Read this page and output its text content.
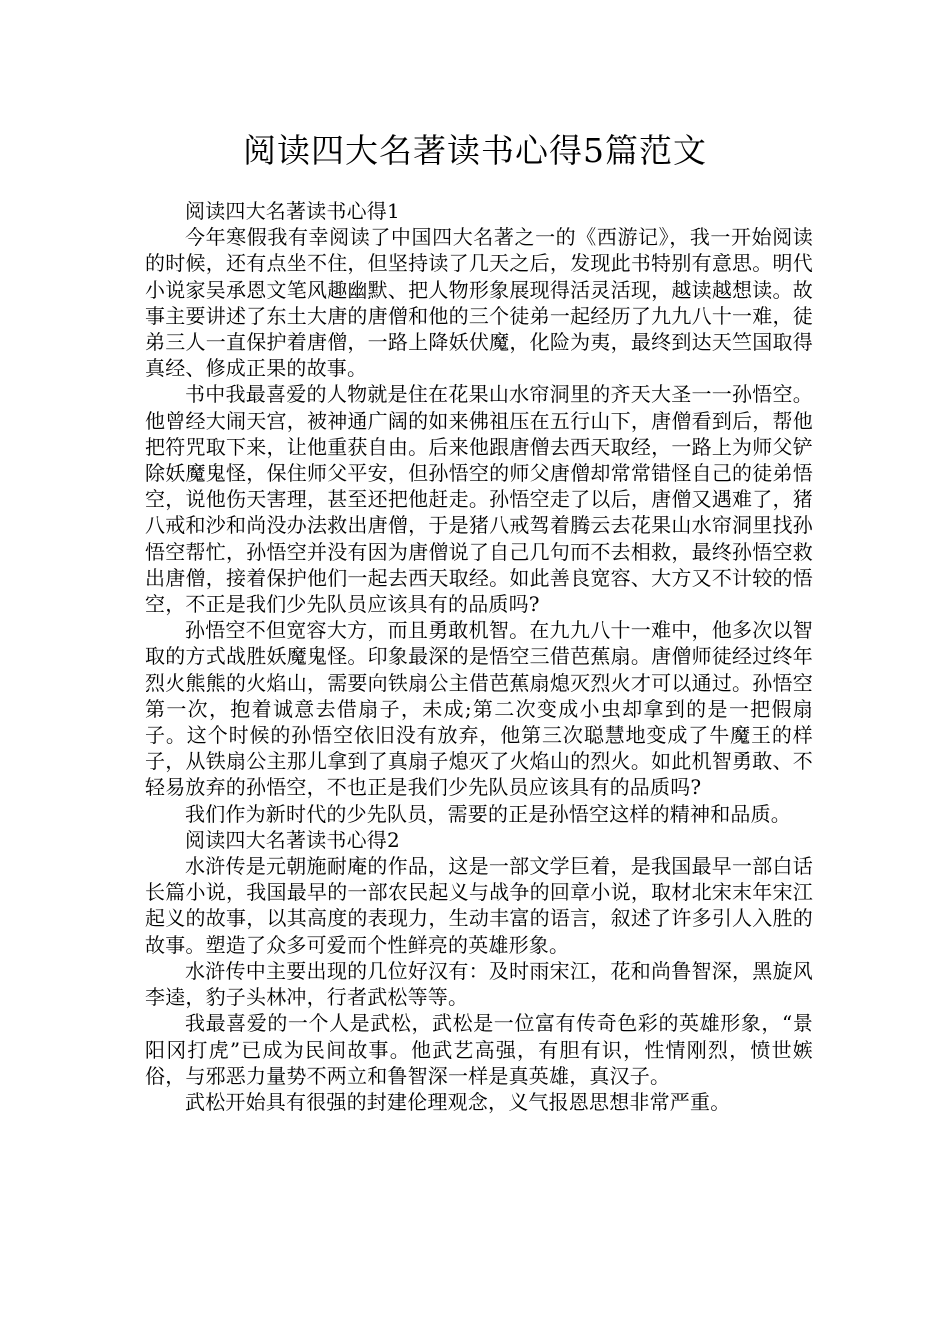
阅读四大名著读书心得5篇范文

阅读四大名著读书心得1

今年寒假我有幸阅读了中国四大名著之一的《西游记》，我一开始阅读的时候，还有点坐不住，但坚持读了几天之后，发现此书特别有意思。明代小说家吴承恩文笔风趣幽默、把人物形象展现得活灵活现，越读越想读。故事主要讲述了东土大唐的唐僧和他的三个徒弟一起经历了九九八十一难，徒弟三人一直保护着唐僧，一路上降妖伏魔，化险为夷，最终到达天竺国取得真经、修成正果的故事。

书中我最喜爱的人物就是住在花果山水帘洞里的齐天大圣一一孙悟空。他曾经大闹天宫，被神通广阔的如来佛祖压在五行山下，唐僧看到后，帮他把符咒取下来，让他重获自由。后来他跟唐僧去西天取经，一路上为师父铲除妖魔鬼怪，保住师父平安，但孙悟空的师父唐僧却常常错怪自己的徒弟悟空，说他伤天害理，甚至还把他赶走。孙悟空走了以后，唐僧又遇难了，猪八戒和沙和尚没办法救出唐僧，于是猪八戒驾着腾云去花果山水帘洞里找孙悟空帮忙，孙悟空并没有因为唐僧说了自己几句而不去相救，最终孙悟空救出唐僧，接着保护他们一起去西天取经。如此善良宽容、大方又不计较的悟空，不正是我们少先队员应该具有的品质吗?

孙悟空不但宽容大方，而且勇敢机智。在九九八十一难中，他多次以智取的方式战胜妖魔鬼怪。印象最深的是悟空三借芭蕉扇。唐僧师徒经过终年烈火熊熊的火焰山，需要向铁扇公主借芭蕉扇熄灭烈火才可以通过。孙悟空第一次，抱着诚意去借扇子，未成;第二次变成小虫却拿到的是一把假扇子。这个时候的孙悟空依旧没有放弃，他第三次聪慧地变成了牛魔王的样子，从铁扇公主那儿拿到了真扇子熄灭了火焰山的烈火。如此机智勇敢、不轻易放弃的孙悟空，不也正是我们少先队员应该具有的品质吗?

我们作为新时代的少先队员，需要的正是孙悟空这样的精神和品质。

阅读四大名著读书心得2

水浒传是元朝施耐庵的作品，这是一部文学巨着，是我国最早一部白话长篇小说，我国最早的一部农民起义与战争的回章小说，取材北宋末年宋江起义的故事，以其高度的表现力，生动丰富的语言，叙述了许多引人入胜的故事。塑造了众多可爱而个性鲜亮的英雄形象。

水浒传中主要出现的几位好汉有：及时雨宋江，花和尚鲁智深，黑旋风李逵，豹子头林冲，行者武松等等。

我最喜爱的一个人是武松，武松是一位富有传奇色彩的英雄形象，“景阳冈打虎”已成为民间故事。他武艺高强，有胆有识，性情刚烈，愤世嫉俗，与邪恶力量势不两立和鲁智深一样是真英雄，真汉子。

武松开始具有很强的封建伦理观念，义气报恩思想非常严重。
